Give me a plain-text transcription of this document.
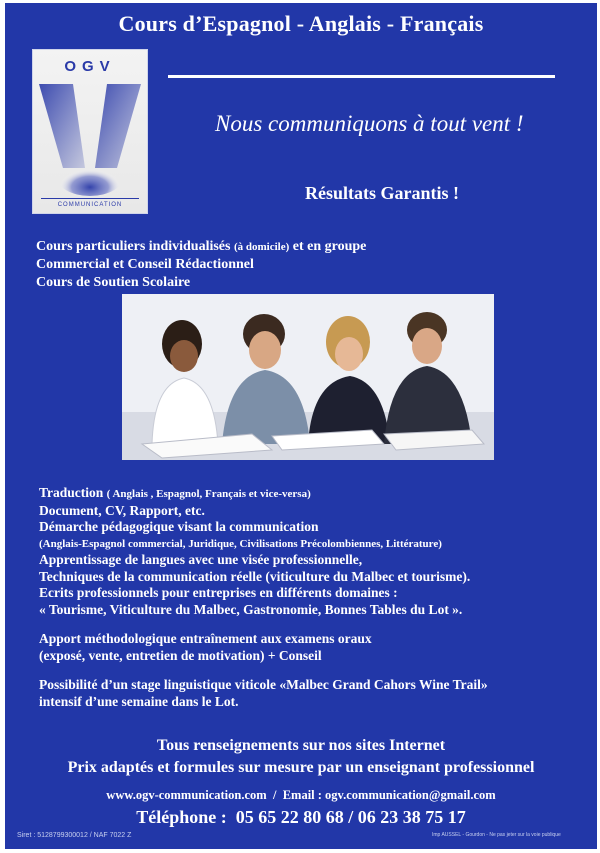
Cours d’Espagnol - Anglais - Français
OGV
COMMUNICATION
Nous communiquons à tout vent !
Résultats Garantis !
Cours particuliers individualisés (à domicile) et en groupe
Commercial et Conseil Rédactionnel
Cours de Soutien Scolaire
Traduction ( Anglais , Espagnol, Français et vice-versa)
Document, CV, Rapport, etc.
Démarche pédagogique visant la communication
(Anglais-Espagnol commercial, Juridique, Civilisations Précolombiennes, Littérature)
Apprentissage de langues avec une visée professionnelle,
Techniques de la communication réelle (viticulture du Malbec et tourisme).
Ecrits professionnels pour entreprises en différents domaines :
« Tourisme, Viticulture du Malbec, Gastronomie, Bonnes Tables du Lot ».
Apport méthodologique entraînement aux examens oraux
(exposé, vente, entretien de motivation) + Conseil
Possibilité d’un stage linguistique viticole «Malbec Grand Cahors Wine Trail»
intensif d’une semaine dans le Lot.
Tous renseignements sur nos sites Internet
Prix adaptés et formules sur mesure par un enseignant professionnel
www.ogv-communication.com / Email : ogv.communication@gmail.com
Téléphone : 05 65 22 80 68 / 06 23 38 75 17
Siret : 5128799300012 / NAF 7022 Z	Imp AUSSEL - Gourdon - Ne pas jeter sur la voie publique
